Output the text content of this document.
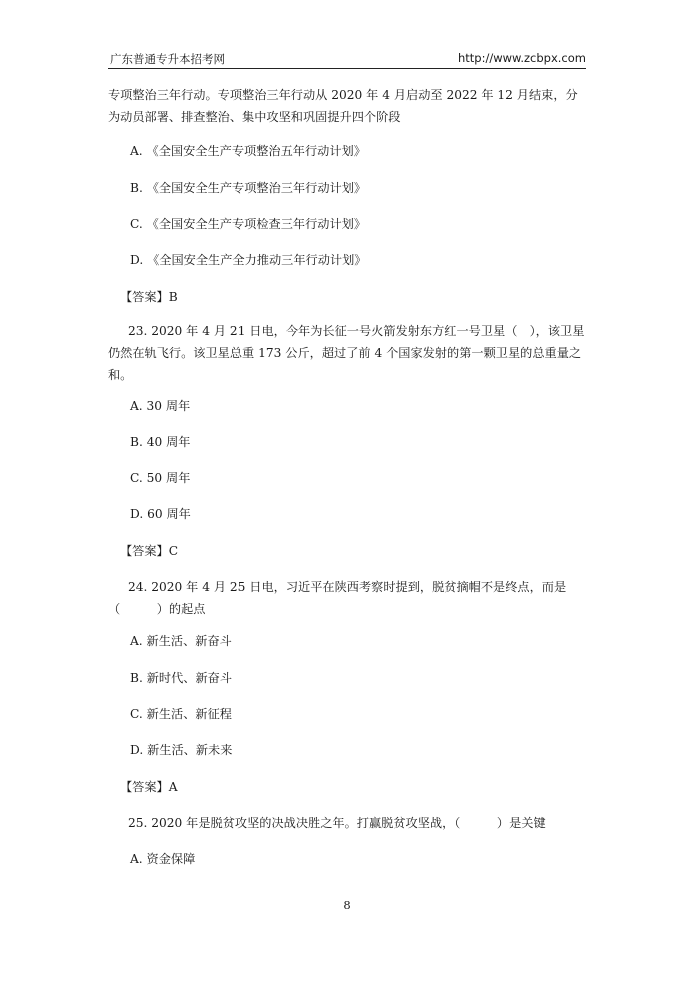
广东普通专升本招考网	http://www.zcbpx.com

专项整治三年行动。专项整治三年行动从 2020 年 4 月启动至 2022 年 12 月结束，分为动员部署、排查整治、集中攻坚和巩固提升四个阶段

A. 《全国安全生产专项整治五年行动计划》

B. 《全国安全生产专项整治三年行动计划》

C. 《全国安全生产专项检查三年行动计划》

D. 《全国安全生产全力推动三年行动计划》

【答案】B

23. 2020 年 4 月 21 日电，今年为长征一号火箭发射东方红一号卫星（　），该卫星仍然在轨飞行。该卫星总重 173 公斤，超过了前 4 个国家发射的第一颗卫星的总重量之和。

A. 30 周年

B. 40 周年

C. 50 周年

D. 60 周年

【答案】C

24. 2020 年 4 月 25 日电，习近平在陕西考察时提到，脱贫摘帽不是终点，而是（　　　）的起点

A. 新生活、新奋斗

B. 新时代、新奋斗

C. 新生活、新征程

D. 新生活、新未来

【答案】A

25. 2020 年是脱贫攻坚的决战决胜之年。打赢脱贫攻坚战，（　　　）是关键

A. 资金保障

8
